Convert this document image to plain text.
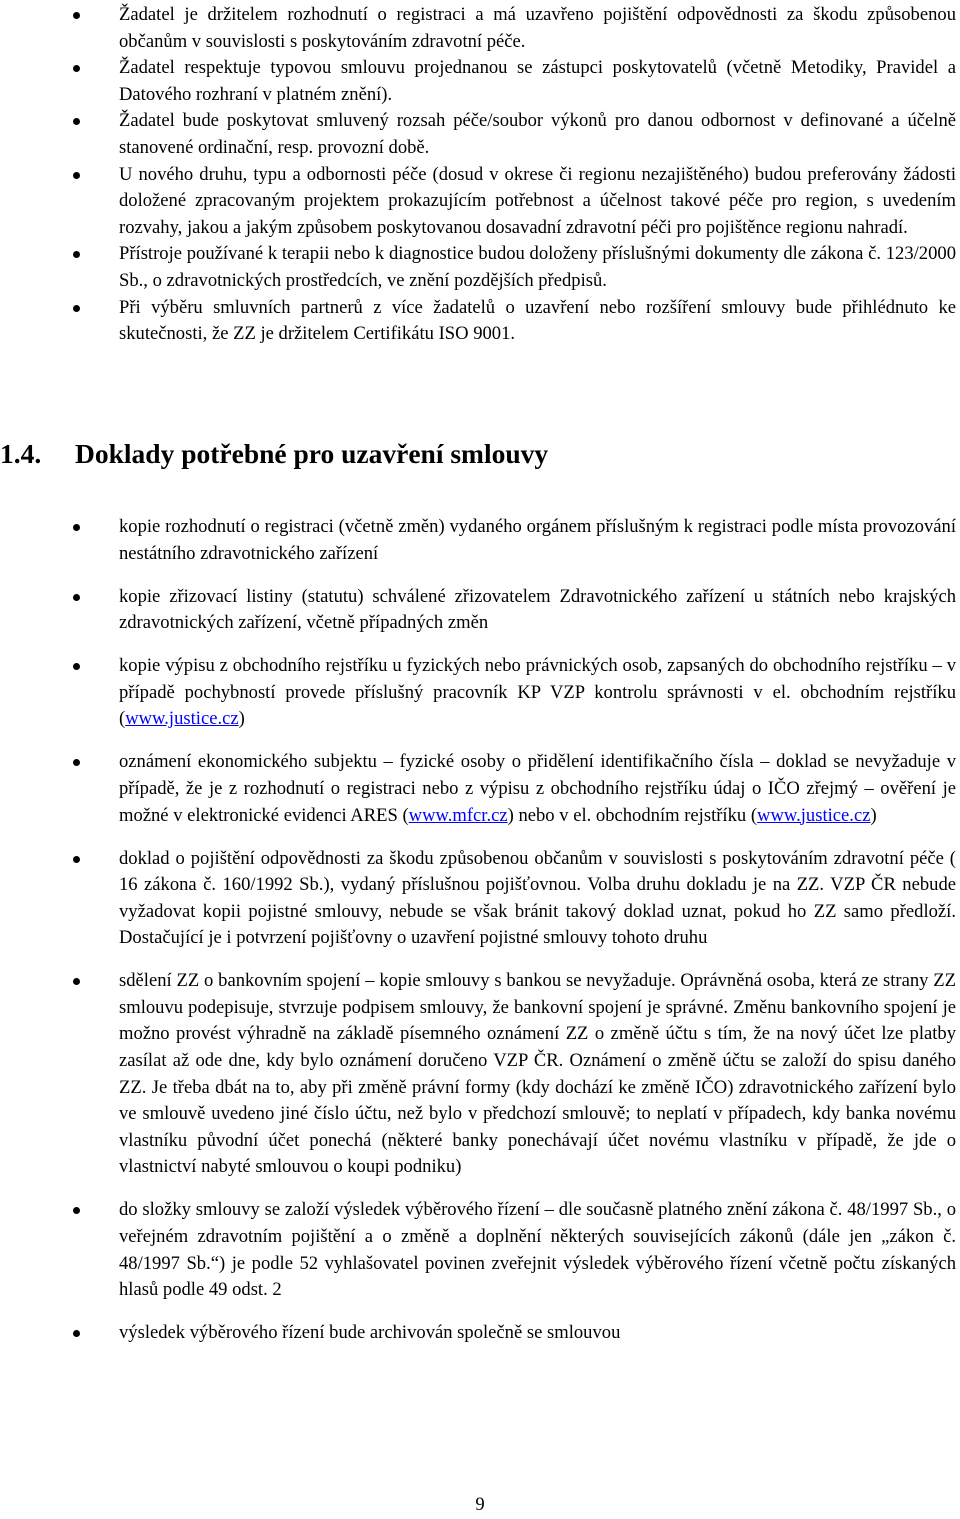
Žadatel je držitelem rozhodnutí o registraci a má uzavřeno pojištění odpovědnosti za škodu způsobenou občanům v souvislosti s poskytováním zdravotní péče.
Žadatel respektuje typovou smlouvu projednanou se zástupci poskytovatelů (včetně Metodiky, Pravidel a Datového rozhraní v platném znění).
Žadatel bude poskytovat smluvený rozsah péče/soubor výkonů pro danou odbornost v definované a účelně stanovené ordinační, resp. provozní době.
U nového druhu, typu a odbornosti péče (dosud v okrese či regionu nezajištěného) budou preferovány žádosti doložené zpracovaným projektem prokazujícím potřebnost a účelnost takové péče pro region, s uvedením rozvahy, jakou a jakým způsobem poskytovanou dosavadní zdravotní péči pro pojištěnce regionu nahradí.
Přístroje používané k terapii nebo k diagnostice budou doloženy příslušnými dokumenty dle zákona č. 123/2000 Sb., o zdravotnických prostředcích, ve znění pozdějších předpisů.
Při výběru smluvních partnerů z více žadatelů o uzavření nebo rozšíření smlouvy bude přihlédnuto ke skutečnosti, že ZZ je držitelem Certifikátu ISO 9001.
1.4. Doklady potřebné pro uzavření smlouvy
kopie rozhodnutí o registraci (včetně změn) vydaného orgánem příslušným k registraci podle místa provozování nestátního zdravotnického zařízení
kopie zřizovací listiny (statutu) schválené zřizovatelem Zdravotnického zařízení u státních nebo krajských zdravotnických zařízení, včetně případných změn
kopie výpisu z obchodního rejstříku u fyzických nebo právnických osob, zapsaných do obchodního rejstříku – v případě pochybností provede příslušný pracovník KP VZP kontrolu správnosti v el. obchodním rejstříku (www.justice.cz)
oznámení ekonomického subjektu – fyzické osoby o přidělení identifikačního čísla – doklad se nevyžaduje v případě, že je z rozhodnutí o registraci nebo z výpisu z obchodního rejstříku údaj o IČO zřejmý – ověření je možné v elektronické evidenci ARES (www.mfcr.cz) nebo v el. obchodním rejstříku (www.justice.cz)
doklad o pojištění odpovědnosti za škodu způsobenou občanům v souvislosti s poskytováním zdravotní péče ( 16 zákona č. 160/1992 Sb.), vydaný příslušnou pojišťovnou. Volba druhu dokladu je na ZZ. VZP ČR nebude vyžadovat kopii pojistné smlouvy, nebude se však bránit takový doklad uznat, pokud ho ZZ samo předloží. Dostačující je i potvrzení pojišťovny o uzavření pojistné smlouvy tohoto druhu
sdělení ZZ o bankovním spojení – kopie smlouvy s bankou se nevyžaduje. Oprávněná osoba, která ze strany ZZ smlouvu podepisuje, stvrzuje podpisem smlouvy, že bankovní spojení je správné. Změnu bankovního spojení je možno provést výhradně na základě písemného oznámení ZZ o změně účtu s tím, že na nový účet lze platby zasílat až ode dne, kdy bylo oznámení doručeno VZP ČR. Oznámení o změně účtu se založí do spisu daného ZZ. Je třeba dbát na to, aby při změně právní formy (kdy dochází ke změně IČO) zdravotnického zařízení bylo ve smlouvě uvedeno jiné číslo účtu, než bylo v předchozí smlouvě; to neplatí v případech, kdy banka novému vlastníku původní účet ponechá (některé banky ponechávají účet novému vlastníku v případě, že jde o vlastnictví nabyté smlouvou o koupi podniku)
do složky smlouvy se založí výsledek výběrového řízení – dle současně platného znění zákona č. 48/1997 Sb., o veřejném zdravotním pojištění a o změně a doplnění některých souvisejících zákonů (dále jen „zákon č. 48/1997 Sb.“) je podle 52 vyhlašovatel povinen zveřejnit výsledek výběrového řízení včetně počtu získaných hlasů podle 49 odst. 2
výsledek výběrového řízení bude archivován společně se smlouvou
9
